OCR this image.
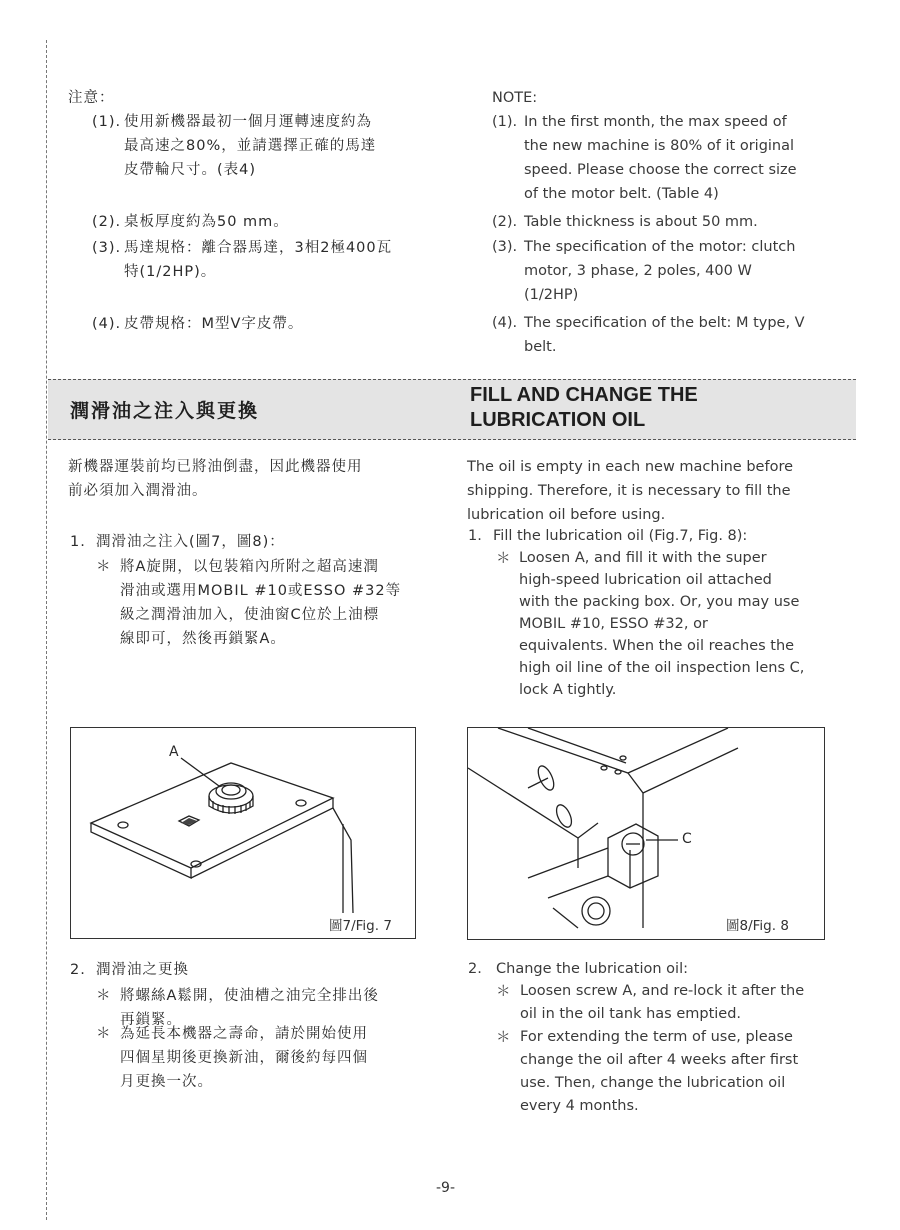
注意：
(1). 使用新機器最初一個月運轉速度約為
最高速之80%，並請選擇正確的馬達
皮帶輪尺寸。(表4)
(2). 桌板厚度約為50 mm。
(3). 馬達規格：離合器馬達，3相2極400瓦
特(1/2HP)。
(4). 皮帶規格：M型V字皮帶。
NOTE:
(1). In the first month, the max speed of
the new machine is 80% of it original
speed. Please choose the correct size
of the motor belt. (Table 4)
(2). Table thickness is about 50 mm.
(3). The specification of the motor: clutch
motor, 3 phase, 2 poles, 400 W
(1/2HP)
(4). The specification of the belt: M type, V
belt.
潤滑油之注入與更換
FILL AND CHANGE THE
LUBRICATION OIL
新機器運裝前均已將油倒盡，因此機器使用
前必須加入潤滑油。
The oil is empty in each new machine before
shipping. Therefore, it is necessary to fill the
lubrication oil before using.
1. 潤滑油之注入(圖7，圖8)：
＊ 將A旋開，以包裝箱內所附之超高速潤
滑油或選用MOBIL #10或ESSO #32等
級之潤滑油加入，使油窗C位於上油標
線即可，然後再鎖緊A。
1. Fill the lubrication oil (Fig.7, Fig. 8):
＊ Loosen A, and fill it with the super
high-speed lubrication oil attached
with the packing box. Or, you may use
MOBIL #10, ESSO #32, or
equivalents. When the oil reaches the
high oil line of the oil inspection lens C,
lock A tightly.
A
圖7/Fig. 7
C
圖8/Fig. 8
2. 潤滑油之更換
＊ 將螺絲A鬆開，使油槽之油完全排出後
再鎖緊。
＊ 為延長本機器之壽命，請於開始使用
四個星期後更換新油，爾後約每四個
月更換一次。
2. Change the lubrication oil:
＊ Loosen screw A, and re-lock it after the
oil in the oil tank has emptied.
＊ For extending the term of use, please
change the oil after 4 weeks after first
use. Then, change the lubrication oil
every 4 months.
-9-
